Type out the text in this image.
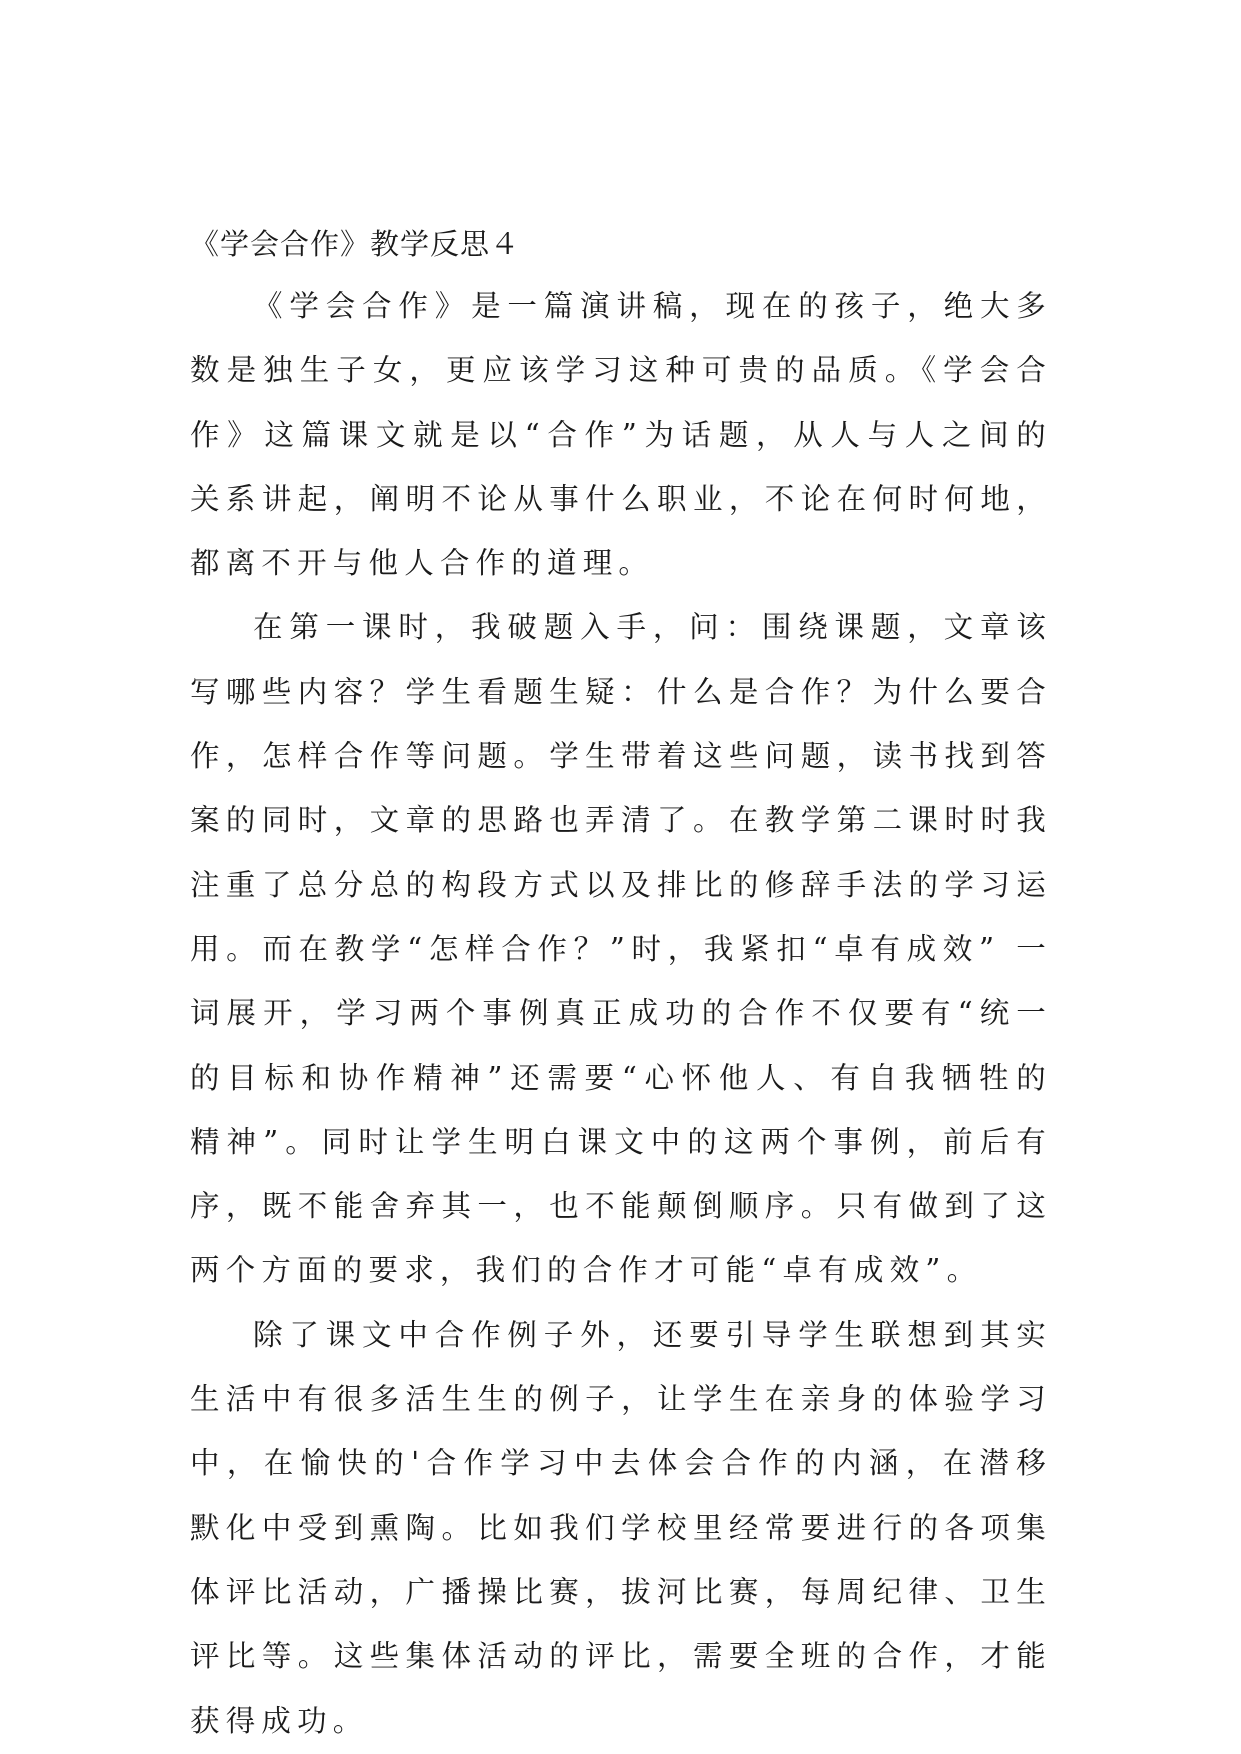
《学会合作》教学反思４

《学会合作》是一篇演讲稿，现在的孩子，绝大多数是独生子女，更应该学习这种可贵的品质。《学会合作》这篇课文就是以“合作”为话题，从人与人之间的关系讲起，阐明不论从事什么职业，不论在何时何地，都离不开与他人合作的道理。

在第一课时，我破题入手，问：围绕课题，文章该写哪些内容？学生看题生疑：什么是合作？为什么要合作，怎样合作等问题。学生带着这些问题，读书找到答案的同时，文章的思路也弄清了。在教学第二课时时我注重了总分总的构段方式以及排比的修辞手法的学习运用。而在教学“怎样合作？”时，我紧扣“卓有成效” 一词展开，学习两个事例真正成功的合作不仅要有“统一的目标和协作精神”还需要“心怀他人、有自我牺牲的精神”。同时让学生明白课文中的这两个事例，前后有序，既不能舍弃其一，也不能颠倒顺序。只有做到了这两个方面的要求，我们的合作才可能“卓有成效”。

除了课文中合作例子外，还要引导学生联想到其实生活中有很多活生生的例子，让学生在亲身的体验学习中，在愉快的'合作学习中去体会合作的内涵，在潜移默化中受到熏陶。比如我们学校里经常要进行的各项集体评比活动，广播操比赛，拔河比赛，每周纪律、卫生评比等。这些集体活动的评比，需要全班的合作，才能获得成功。
